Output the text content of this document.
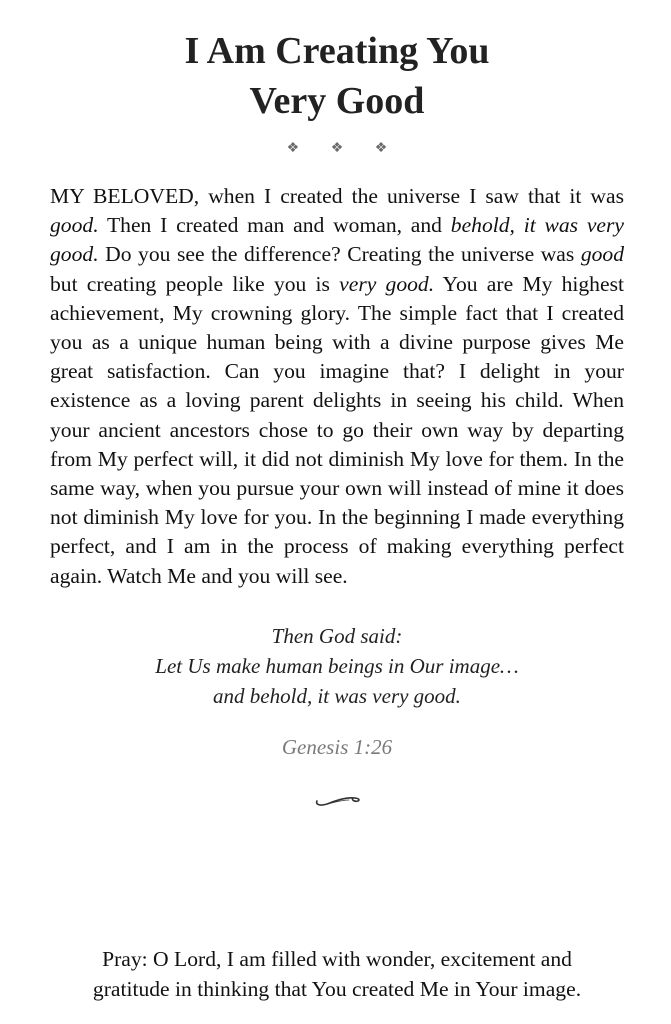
I Am Creating You
Very Good
❖ ❖ ❖

MY BELOVED, when I created the universe I saw that it was good. Then I created man and woman, and behold, it was very good. Do you see the difference? Creating the universe was good but creating people like you is very good. You are My highest achievement, My crowning glory. The simple fact that I created you as a unique human being with a divine purpose gives Me great satisfaction. Can you imagine that? I delight in your existence as a loving parent delights in seeing his child. When your ancient ancestors chose to go their own way by departing from My perfect will, it did not diminish My love for them. In the same way, when you pursue your own will instead of mine it does not diminish My love for you. In the beginning I made everything perfect, and I am in the process of making everything perfect again. Watch Me and you will see.

Then God said:
Let Us make human beings in Our image…
and behold, it was very good.
Genesis 1:26
Pray: O Lord, I am filled with wonder, excitement and
gratitude in thinking that You created Me in Your image.
